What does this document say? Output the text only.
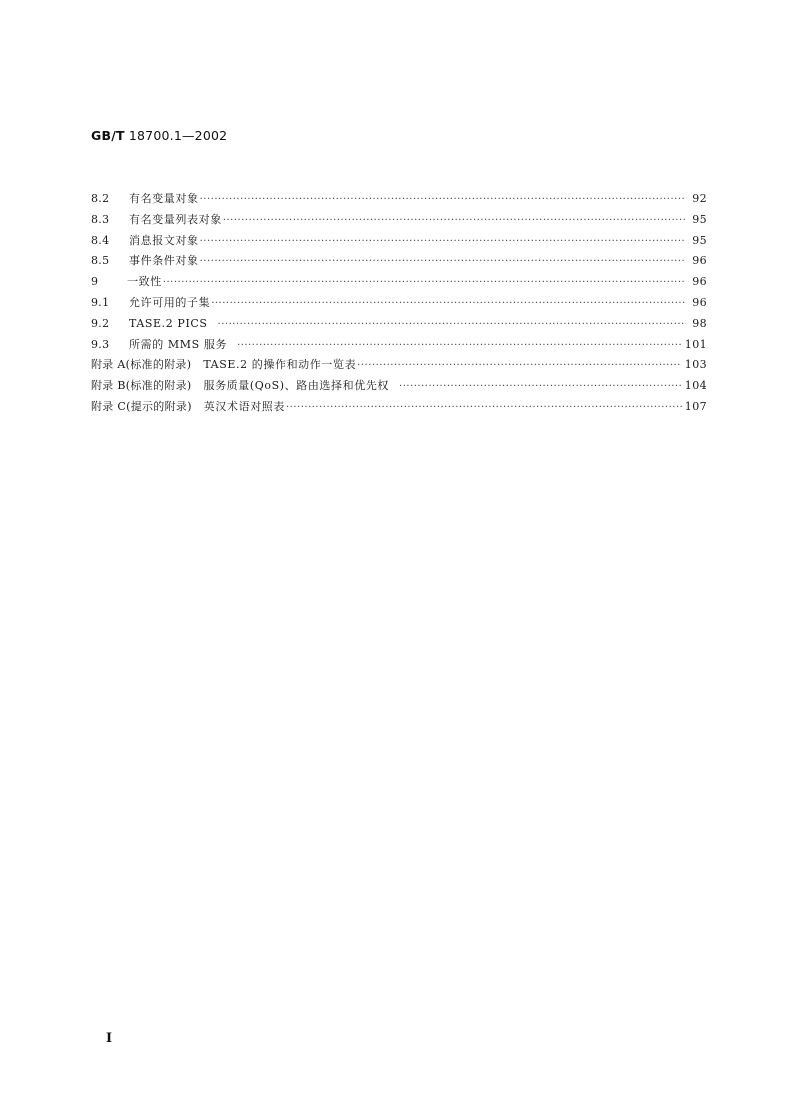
GB/T 18700.1—2002
8.2	有名变量对象 ·····	92
8.3	有名变量列表对象 ·····	95
8.4	消息报文对象 ·····	95
8.5	事件条件对象 ·····	96
9	一致性 ·····	96
9.1	允许可用的子集 ·····	96
9.2	TASE.2 PICS ·····	98
9.3	所需的 MMS 服务 ·····	101
附录 A(标准的附录) TASE.2 的操作和动作一览表 ·····	103
附录 B(标准的附录) 服务质量(QoS)、路由选择和优先权 ·····	104
附录 C(提示的附录) 英汉术语对照表 ·····	107
I
